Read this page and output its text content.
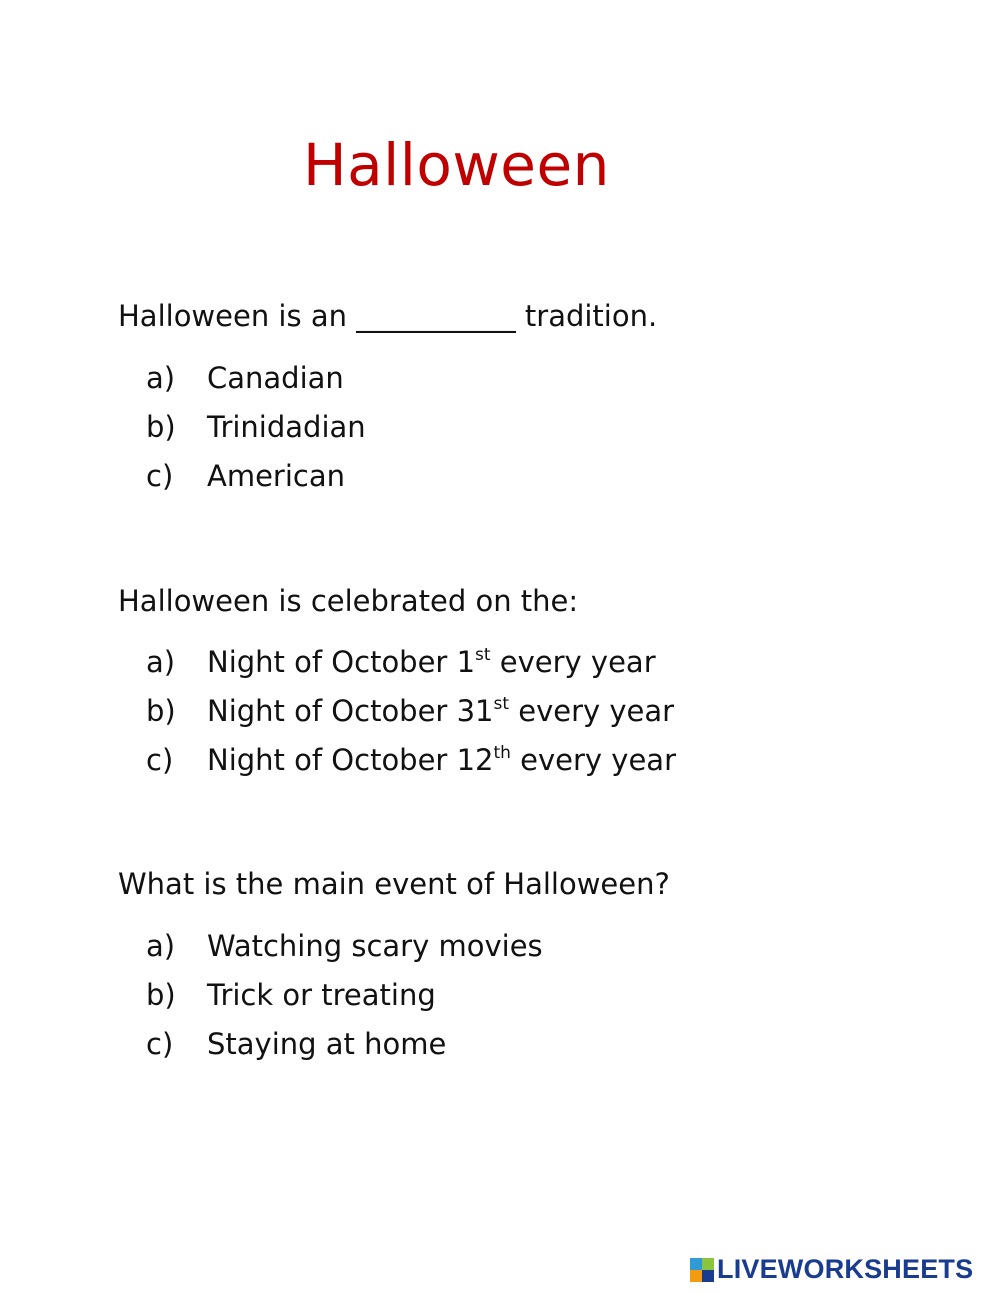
Halloween
Halloween is an ___________ tradition.
a) Canadian
b) Trinidadian
c) American
Halloween is celebrated on the:
a) Night of October 1st every year
b) Night of October 31st every year
c) Night of October 12th every year
What is the main event of Halloween?
a) Watching scary movies
b) Trick or treating
c) Staying at home
LIVEWORKSHEETS
